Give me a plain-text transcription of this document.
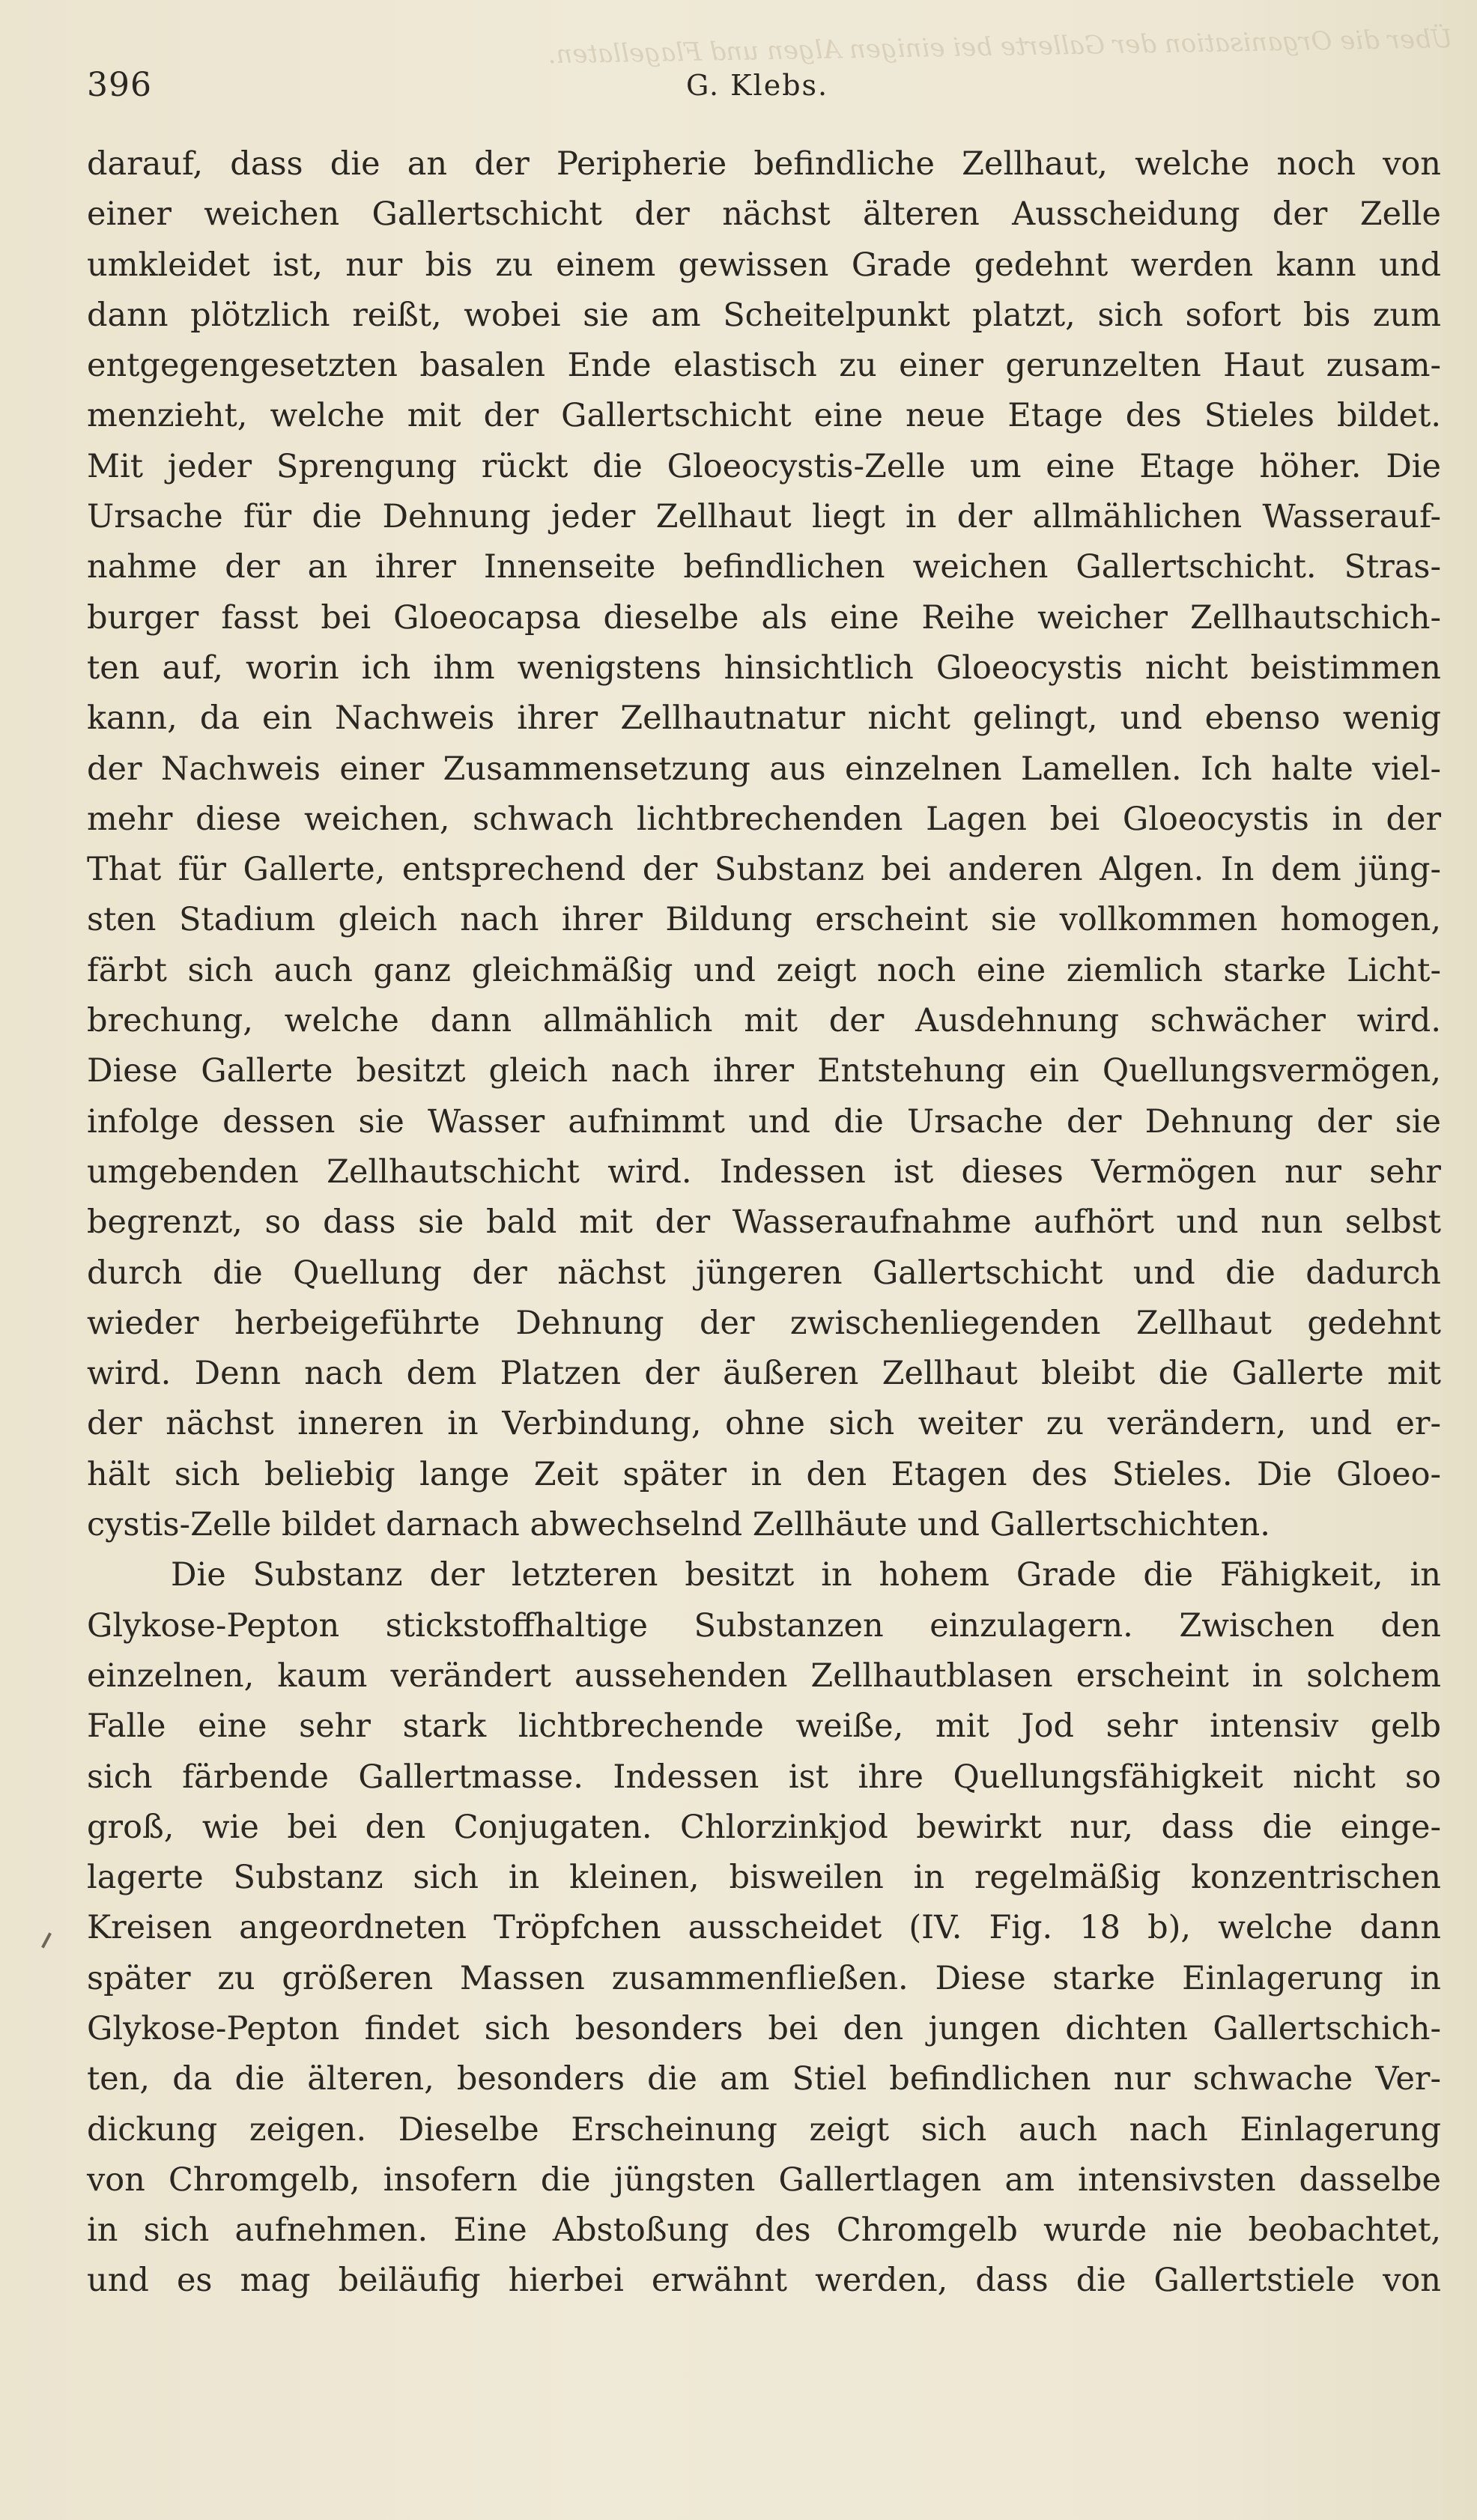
Über die Organisation der Gallerte bei einigen Algen und Flagellaten.
396	G. Klebs.
darauf, dass die an der Peripherie befindliche Zellhaut, welche noch von
einer weichen Gallertschicht der nächst älteren Ausscheidung der Zelle
umkleidet ist, nur bis zu einem gewissen Grade gedehnt werden kann und
dann plötzlich reißt, wobei sie am Scheitelpunkt platzt, sich sofort bis zum
entgegengesetzten basalen Ende elastisch zu einer gerunzelten Haut zusam-
menzieht, welche mit der Gallertschicht eine neue Etage des Stieles bildet.
Mit jeder Sprengung rückt die Gloeocystis-Zelle um eine Etage höher. Die
Ursache für die Dehnung jeder Zellhaut liegt in der allmählichen Wasserauf-
nahme der an ihrer Innenseite befindlichen weichen Gallertschicht. Stras-
burger fasst bei Gloeocapsa dieselbe als eine Reihe weicher Zellhautschich-
ten auf, worin ich ihm wenigstens hinsichtlich Gloeocystis nicht beistimmen
kann, da ein Nachweis ihrer Zellhautnatur nicht gelingt, und ebenso wenig
der Nachweis einer Zusammensetzung aus einzelnen Lamellen. Ich halte viel-
mehr diese weichen, schwach lichtbrechenden Lagen bei Gloeocystis in der
That für Gallerte, entsprechend der Substanz bei anderen Algen. In dem jüng-
sten Stadium gleich nach ihrer Bildung erscheint sie vollkommen homogen,
färbt sich auch ganz gleichmäßig und zeigt noch eine ziemlich starke Licht-
brechung, welche dann allmählich mit der Ausdehnung schwächer wird.
Diese Gallerte besitzt gleich nach ihrer Entstehung ein Quellungsvermögen,
infolge dessen sie Wasser aufnimmt und die Ursache der Dehnung der sie
umgebenden Zellhautschicht wird. Indessen ist dieses Vermögen nur sehr
begrenzt, so dass sie bald mit der Wasseraufnahme aufhört und nun selbst
durch die Quellung der nächst jüngeren Gallertschicht und die dadurch
wieder herbeigeführte Dehnung der zwischenliegenden Zellhaut gedehnt
wird. Denn nach dem Platzen der äußeren Zellhaut bleibt die Gallerte mit
der nächst inneren in Verbindung, ohne sich weiter zu verändern, und er-
hält sich beliebig lange Zeit später in den Etagen des Stieles. Die Gloeo-
cystis-Zelle bildet darnach abwechselnd Zellhäute und Gallertschichten.
Die Substanz der letzteren besitzt in hohem Grade die Fähigkeit, in
Glykose-Pepton stickstoffhaltige Substanzen einzulagern. Zwischen den
einzelnen, kaum verändert aussehenden Zellhautblasen erscheint in solchem
Falle eine sehr stark lichtbrechende weiße, mit Jod sehr intensiv gelb
sich färbende Gallertmasse. Indessen ist ihre Quellungsfähigkeit nicht so
groß, wie bei den Conjugaten. Chlorzinkjod bewirkt nur, dass die einge-
lagerte Substanz sich in kleinen, bisweilen in regelmäßig konzentrischen
Kreisen angeordneten Tröpfchen ausscheidet (IV. Fig. 18 b), welche dann
später zu größeren Massen zusammenfließen. Diese starke Einlagerung in
Glykose-Pepton findet sich besonders bei den jungen dichten Gallertschich-
ten, da die älteren, besonders die am Stiel befindlichen nur schwache Ver-
dickung zeigen. Dieselbe Erscheinung zeigt sich auch nach Einlagerung
von Chromgelb, insofern die jüngsten Gallertlagen am intensivsten dasselbe
in sich aufnehmen. Eine Abstoßung des Chromgelb wurde nie beobachtet,
und es mag beiläufig hierbei erwähnt werden, dass die Gallertstiele von
